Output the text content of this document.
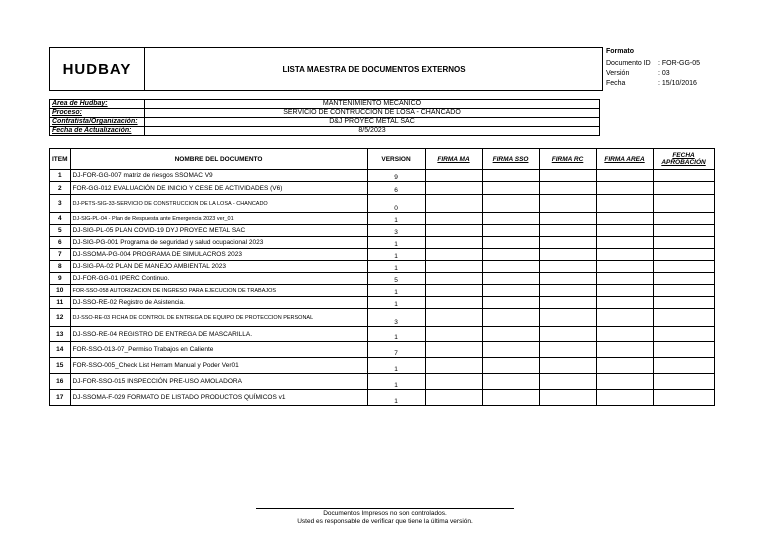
HUDBAY	LISTA MAESTRA DE DOCUMENTOS EXTERNOS
Formato
Documento ID : FOR-GG-05
Versión	: 03
Fecha	: 15/10/2016
Area de Hudbay:	MANTENIMIENTO MECANICO
Proceso:	SERVICIO DE CONTRUCCION DE LOSA - CHANCADO
Contratista/Organización:	D&J PROYEC METAL SAC
Fecha de Actualización:	8/5/2023
ITEM	NOMBRE DEL DOCUMENTO	VERSION	FIRMA MA	FIRMA SSO	FIRMA RC	FIRMA AREA	FECHA APROBACIÓN
1	DJ-FOR-GG-007 matriz de riesgos SSOMAC V9	9					
2	FOR-GG-012 EVALUACIÓN DE INICIO Y CESE DE ACTIVIDADES (V6)	6					
3	DJ-PETS-SIG-33-SERVICIO DE CONSTRUCCION DE LA LOSA - CHANCADO	0					
4	DJ-SIG-PL-04 - Plan de Respuesta ante Emergencia 2023 ver_01	1					
5	DJ-SIG-PL-05 PLAN COVID-19 DYJ PROYEC METAL SAC	3					
6	DJ-SIG-PG-001 Programa de seguridad y salud ocupacional 2023	1					
7	DJ-SSOMA-PG-004 PROGRAMA DE SIMULACROS 2023	1					
8	DJ-SIG-PA-02 PLAN DE MANEJO AMBIENTAL 2023	1					
9	DJ-FOR-GG-01 IPERC Continuo.	5					
10	FOR-SSO-058 AUTORIZACION DE INGRESO PARA EJECUCION DE TRABAJOS	1					
11	DJ-SSO-RE-02 Registro de Asistencia.	1					
12	DJ-SSO-RE-03 FICHA DE CONTROL DE ENTREGA DE EQUIPO DE PROTECCION PERSONAL	3					
13	DJ-SSO-RE-04 REGISTRO DE ENTREGA DE MASCARILLA.	1					
14	FOR-SSO-013-07_Permiso Trabajos en Caliente	7					
15	FOR-SSO-005_Check List Herram Manual y Poder Ver01	1					
16	DJ-FOR-SSO-015 INSPECCIÓN PRE-USO AMOLADORA	1					
17	DJ-SSOMA-F-029 FORMATO DE LISTADO PRODUCTOS QUÍMICOS v1	1					
Documentos Impresos no son controlados.
Usted es responsable de verificar que tiene la última versión.
